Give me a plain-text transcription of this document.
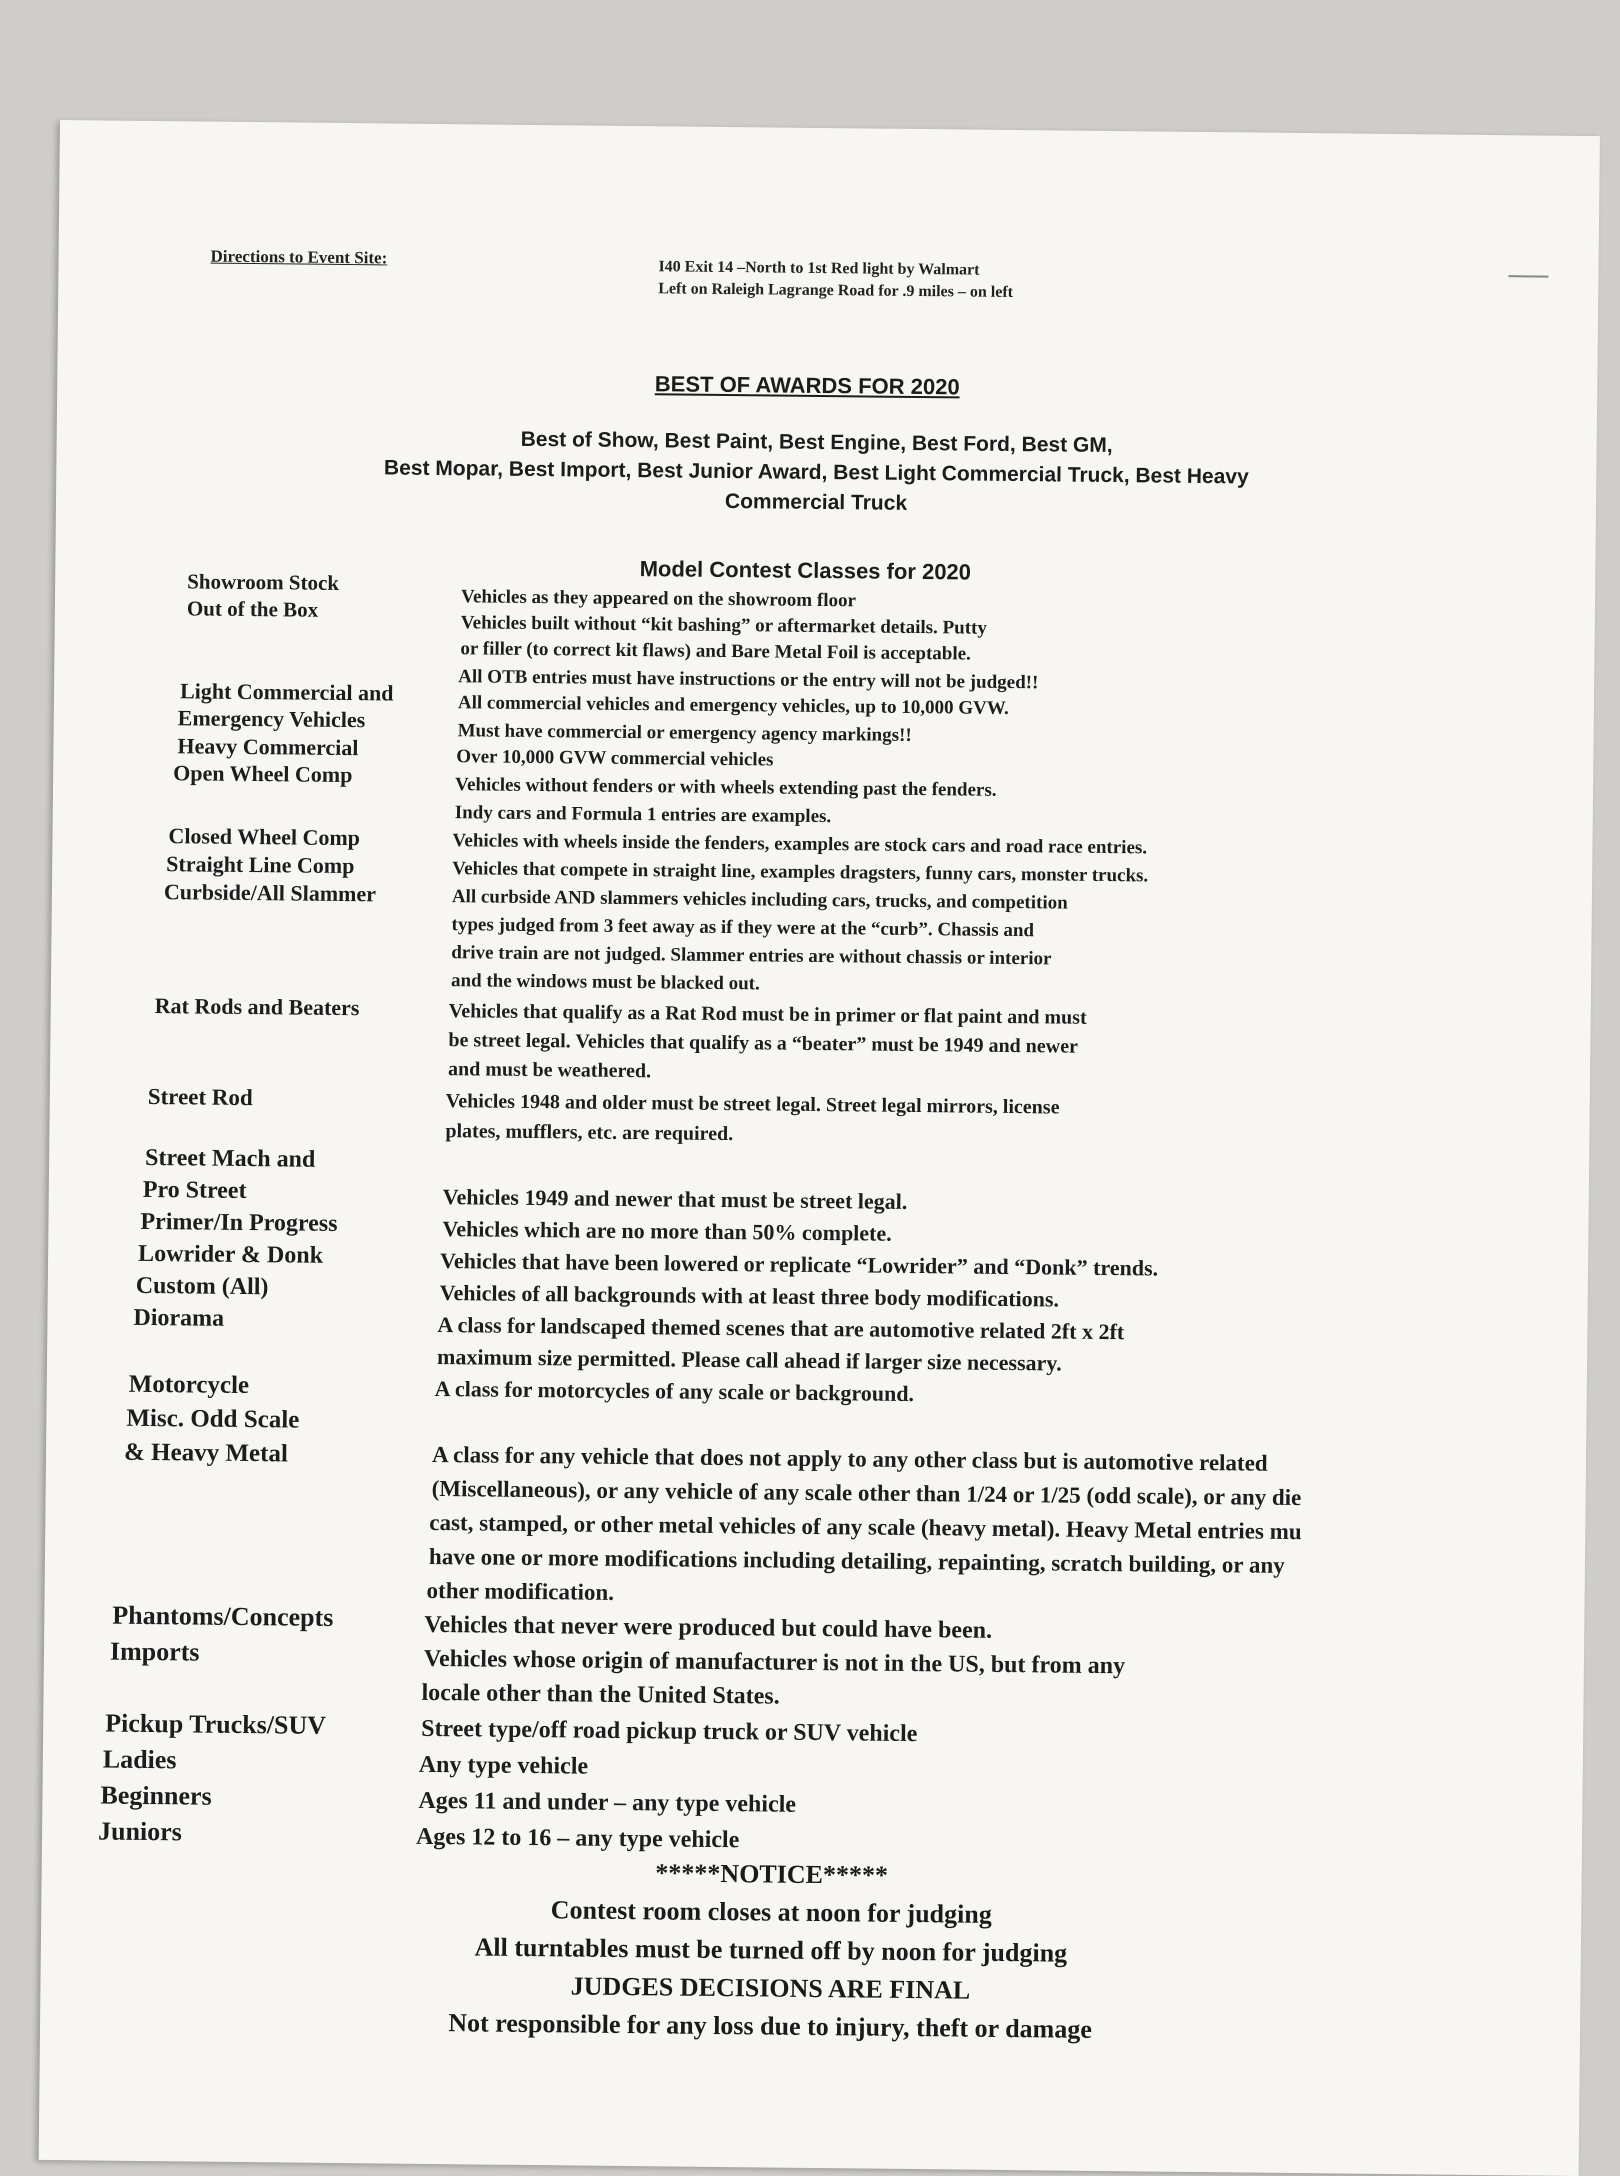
Directions to Event Site:
I40 Exit 14 –North to 1st Red light by Walmart
Left on Raleigh Lagrange Road for .9 miles – on left
BEST OF AWARDS FOR 2020
Best of Show, Best Paint, Best Engine, Best Ford, Best GM,
Best Mopar, Best Import, Best Junior Award, Best Light Commercial Truck, Best Heavy
Commercial Truck
Model Contest Classes for 2020
Showroom Stock
Out of the Box
Light Commercial and
Emergency Vehicles
Heavy Commercial
Open Wheel Comp
Closed Wheel Comp
Straight Line Comp
Curbside/All Slammer
Rat Rods and Beaters
Street Rod
Street Mach and
Pro Street
Primer/In Progress
Lowrider & Donk
Custom (All)
Diorama
Motorcycle
Misc. Odd Scale
& Heavy Metal
Phantoms/Concepts
Imports
Pickup Trucks/SUV
Ladies
Beginners
Juniors
Vehicles as they appeared on the showroom floor
Vehicles built without “kit bashing” or aftermarket details. Putty
or filler (to correct kit flaws) and Bare Metal Foil is acceptable.
All OTB entries must have instructions or the entry will not be judged!!
All commercial vehicles and emergency vehicles, up to 10,000 GVW.
Must have commercial or emergency agency markings!!
Over 10,000 GVW commercial vehicles
Vehicles without fenders or with wheels extending past the fenders.
Indy cars and Formula 1 entries are examples.
Vehicles with wheels inside the fenders, examples are stock cars and road race entries.
Vehicles that compete in straight line, examples dragsters, funny cars, monster trucks.
All curbside AND slammers vehicles including cars, trucks, and competition
types judged from 3 feet away as if they were at the “curb”. Chassis and
drive train are not judged. Slammer entries are without chassis or interior
and the windows must be blacked out.
Vehicles that qualify as a Rat Rod must be in primer or flat paint and must
be street legal. Vehicles that qualify as a “beater” must be 1949 and newer
and must be weathered.
Vehicles 1948 and older must be street legal. Street legal mirrors, license
plates, mufflers, etc. are required.
Vehicles 1949 and newer that must be street legal.
Vehicles which are no more than 50% complete.
Vehicles that have been lowered or replicate “Lowrider” and “Donk” trends.
Vehicles of all backgrounds with at least three body modifications.
A class for landscaped themed scenes that are automotive related 2ft x 2ft
maximum size permitted. Please call ahead if larger size necessary.
A class for motorcycles of any scale or background.
A class for any vehicle that does not apply to any other class but is automotive related
(Miscellaneous), or any vehicle of any scale other than 1/24 or 1/25 (odd scale), or any die
cast, stamped, or other metal vehicles of any scale (heavy metal). Heavy Metal entries mu
have one or more modifications including detailing, repainting, scratch building, or any
other modification.
Vehicles that never were produced but could have been.
Vehicles whose origin of manufacturer is not in the US, but from any
locale other than the United States.
Street type/off road pickup truck or SUV vehicle
Any type vehicle
Ages 11 and under – any type vehicle
Ages 12 to 16 – any type vehicle
*****NOTICE*****
Contest room closes at noon for judging
All turntables must be turned off by noon for judging
JUDGES DECISIONS ARE FINAL
Not responsible for any loss due to injury, theft or damage
